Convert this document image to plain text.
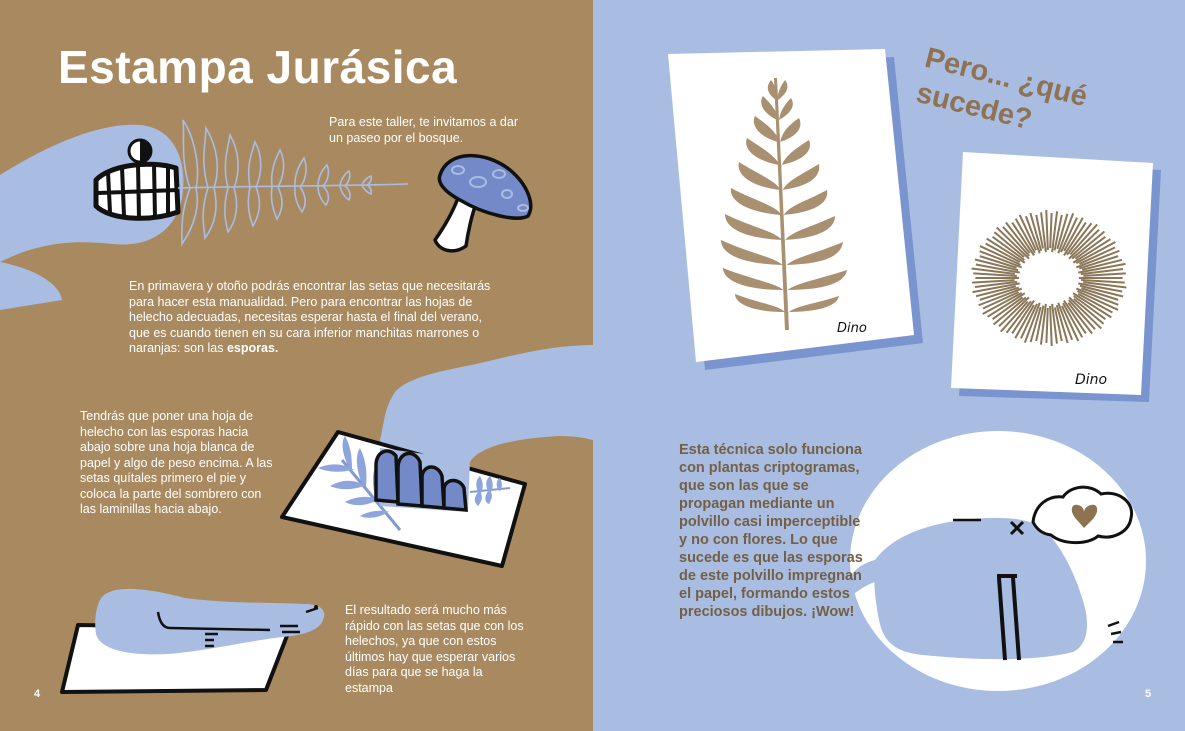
Estampa Jurásica

Para este taller, te invitamos a dar un paseo por el bosque.

En primavera y otoño podrás encontrar las setas que necesitarás para hacer esta manualidad. Pero para encontrar las hojas de helecho adecuadas, necesitas esperar hasta el final del verano, que es cuando tienen en su cara inferior manchitas marrones o naranjas: son las esporas.

Tendrás que poner una hoja de helecho con las esporas hacia abajo sobre una hoja blanca de papel y algo de peso encima. A las setas quítales primero el pie y coloca la parte del sombrero con las laminillas hacia abajo.

El resultado será mucho más rápido con las setas que con los helechos, ya que con estos últimos hay que esperar varios días para que se haga la estampa

4

Dino
Dino
Pero... ¿qué sucede?

Esta técnica solo funciona con plantas criptogramas, que son las que se propagan mediante un polvillo casi imperceptible y no con flores. Lo que sucede es que las esporas de este polvillo impregnan el papel, formando estos preciosos dibujos. ¡Wow!

5
